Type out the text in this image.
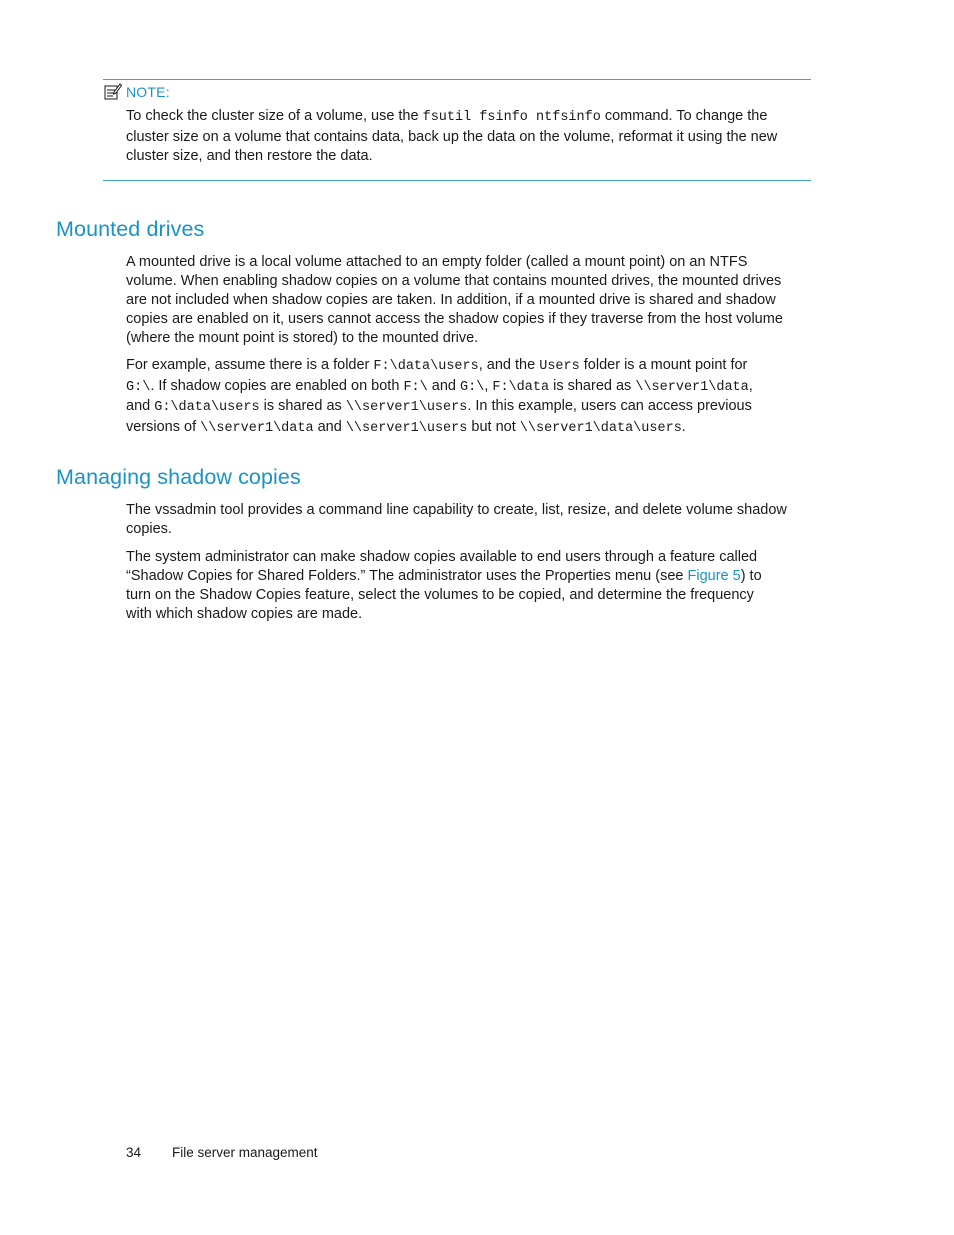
NOTE:
To check the cluster size of a volume, use the fsutil fsinfo ntfsinfo command. To change the
cluster size on a volume that contains data, back up the data on the volume, reformat it using the new
cluster size, and then restore the data.
Mounted drives
A mounted drive is a local volume attached to an empty folder (called a mount point) on an NTFS
volume. When enabling shadow copies on a volume that contains mounted drives, the mounted drives
are not included when shadow copies are taken. In addition, if a mounted drive is shared and shadow
copies are enabled on it, users cannot access the shadow copies if they traverse from the host volume
(where the mount point is stored) to the mounted drive.
For example, assume there is a folder F:\data\users, and the Users folder is a mount point for
G:\. If shadow copies are enabled on both F:\ and G:\, F:\data is shared as \\server1\data,
and G:\data\users is shared as \\server1\users. In this example, users can access previous
versions of \\server1\data and \\server1\users but not \\server1\data\users.
Managing shadow copies
The vssadmin tool provides a command line capability to create, list, resize, and delete volume shadow
copies.
The system administrator can make shadow copies available to end users through a feature called
“Shadow Copies for Shared Folders.” The administrator uses the Properties menu (see Figure 5) to
turn on the Shadow Copies feature, select the volumes to be copied, and determine the frequency
with which shadow copies are made.
34 File server management
